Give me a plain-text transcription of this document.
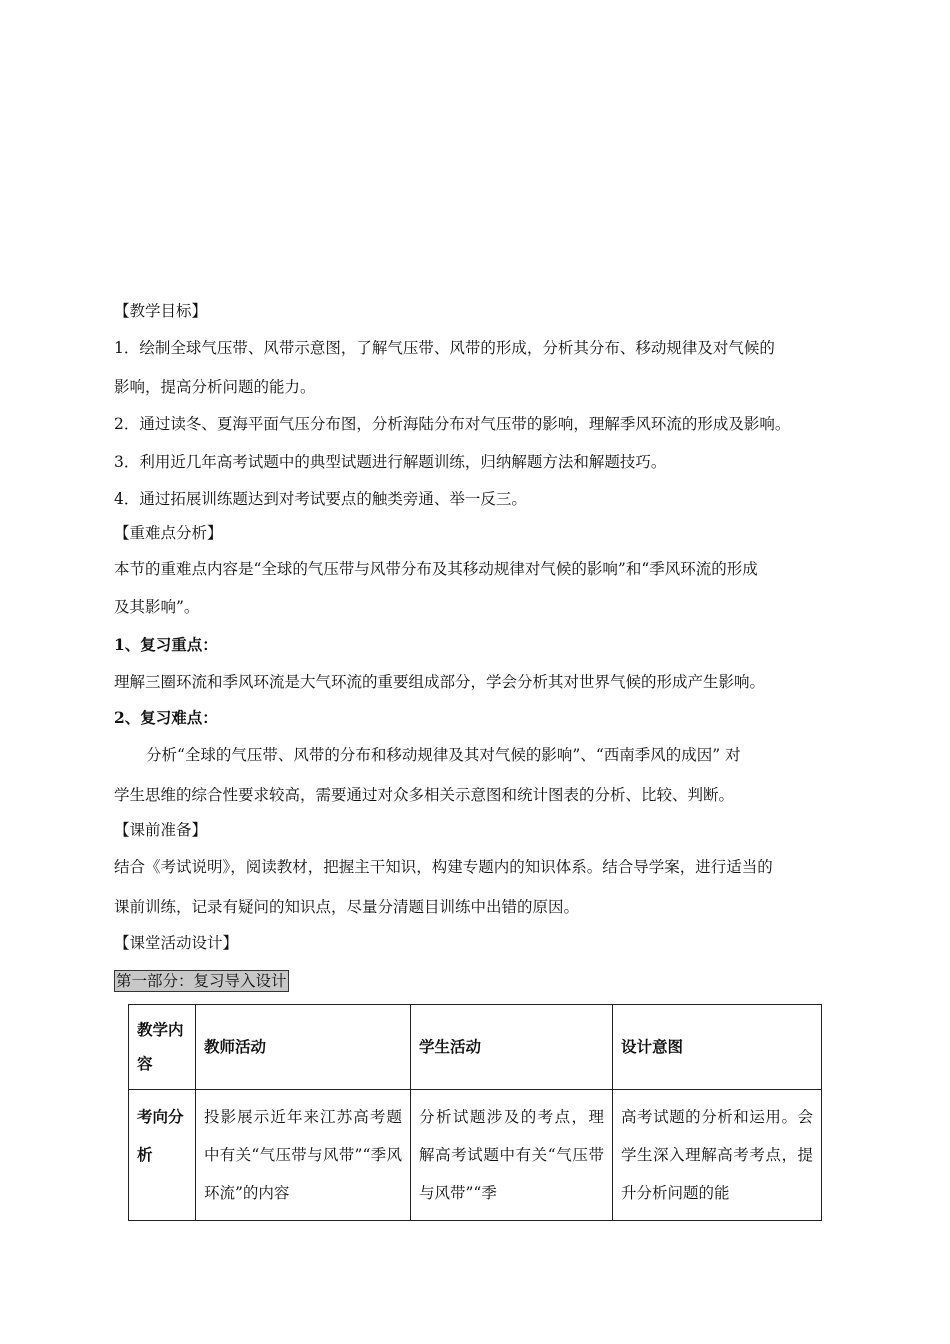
【教学目标】
1．绘制全球气压带、风带示意图，了解气压带、风带的形成，分析其分布、移动规律及对气候的
影响，提高分析问题的能力。
2．通过读冬、夏海平面气压分布图，分析海陆分布对气压带的影响，理解季风环流的形成及影响。
3．利用近几年高考试题中的典型试题进行解题训练，归纳解题方法和解题技巧。
4．通过拓展训练题达到对考试要点的触类旁通、举一反三。
【重难点分析】
本节的重难点内容是“全球的气压带与风带分布及其移动规律对气候的影响”和“季风环流的形成
及其影响”。
1、复习重点：
理解三圈环流和季风环流是大气环流的重要组成部分，学会分析其对世界气候的形成产生影响。
2、复习难点：
分析“全球的气压带、风带的分布和移动规律及其对气候的影响”、“西南季风的成因” 对
学生思维的综合性要求较高，需要通过对众多相关示意图和统计图表的分析、比较、判断。
【课前准备】
结合《考试说明》，阅读教材，把握主干知识，构建专题内的知识体系。结合导学案，进行适当的
课前训练，记录有疑问的知识点，尽量分清题目训练中出错的原因。
【课堂活动设计】
第一部分：复习导入设计
教学内容	教师活动	学生活动	设计意图
考向分析	投影展示近年来江苏高考题中有关“气压带与风带”“季风环流”的内容	分析试题涉及的考点，理解高考试题中有关“气压带与风带”“季	高考试题的分析和运用。会学生深入理解高考考点，提升分析问题的能
